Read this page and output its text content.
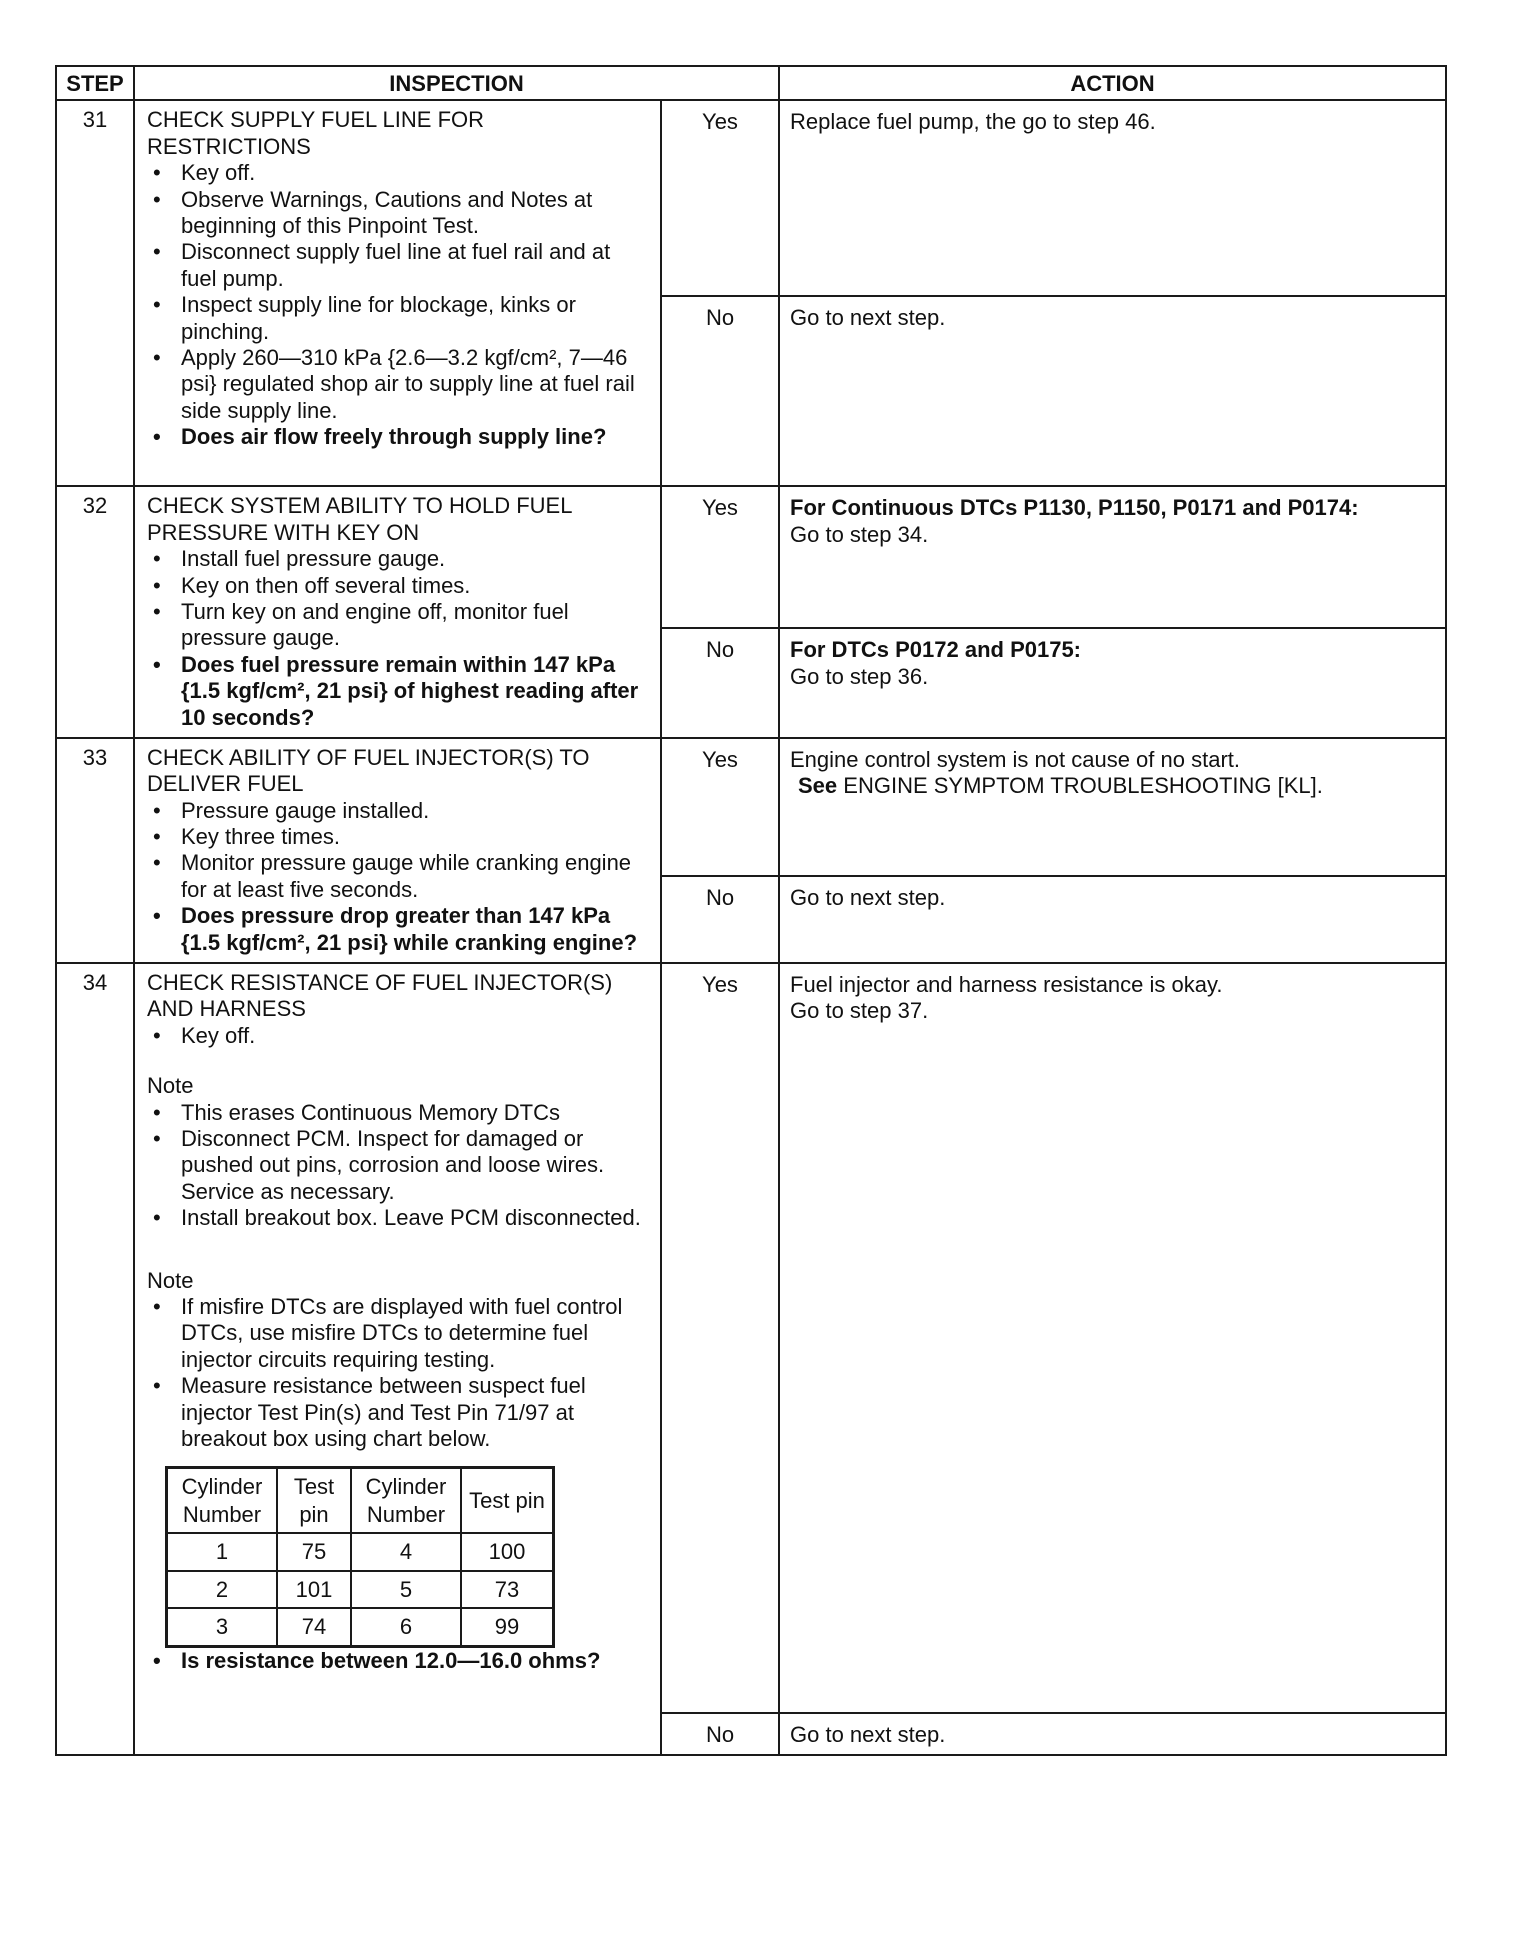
STEP	INSPECTION	ACTION
31	CHECK SUPPLY FUEL LINE FOR RESTRICTIONS
• Key off.
• Observe Warnings, Cautions and Notes at beginning of this Pinpoint Test.
• Disconnect supply fuel line at fuel rail and at fuel pump.
• Inspect supply line for blockage, kinks or pinching.
• Apply 260—310 kPa {2.6—3.2 kgf/cm², 7—46 psi} regulated shop air to supply line at fuel rail side supply line.
• Does air flow freely through supply line?
	Yes	Replace fuel pump, the go to step 46.
No	Go to next step.
32	CHECK SYSTEM ABILITY TO HOLD FUEL PRESSURE WITH KEY ON
• Install fuel pressure gauge.
• Key on then off several times.
• Turn key on and engine off, monitor fuel pressure gauge.
• Does fuel pressure remain within 147 kPa {1.5 kgf/cm², 21 psi} of highest reading after 10 seconds?
	Yes	For Continuous DTCs P1130, P1150, P0171 and P0174:
Go to step 34.

No	For DTCs P0172 and P0175:
Go to step 36.

33	CHECK ABILITY OF FUEL INJECTOR(S) TO DELIVER FUEL
• Pressure gauge installed.
• Key three times.
• Monitor pressure gauge while cranking engine for at least five seconds.
• Does pressure drop greater than 147 kPa {1.5 kgf/cm², 21 psi} while cranking engine?
	Yes	Engine control system is not cause of no start.
See ENGINE SYMPTOM TROUBLESHOOTING [KL].

No	Go to next step.
34	CHECK RESISTANCE OF FUEL INJECTOR(S) AND HARNESS
• Key off.
Note
• This erases Continuous Memory DTCs
• Disconnect PCM. Inspect for damaged or pushed out pins, corrosion and loose wires. Service as necessary.
• Install breakout box. Leave PCM disconnected.
Note
• If misfire DTCs are displayed with fuel control DTCs, use misfire DTCs to determine fuel injector circuits requiring testing.
• Measure resistance between suspect fuel injector Test Pin(s) and Test Pin 71/97 at breakout box using chart below.
Cylinder Number	Test pin	Cylinder Number	Test pin
1	75	4	100
2	101	5	73
3	74	6	99
• Is resistance between 12.0—16.0 ohms?
	Yes	Fuel injector and harness resistance is okay.
Go to step 37.

No	Go to next step.
